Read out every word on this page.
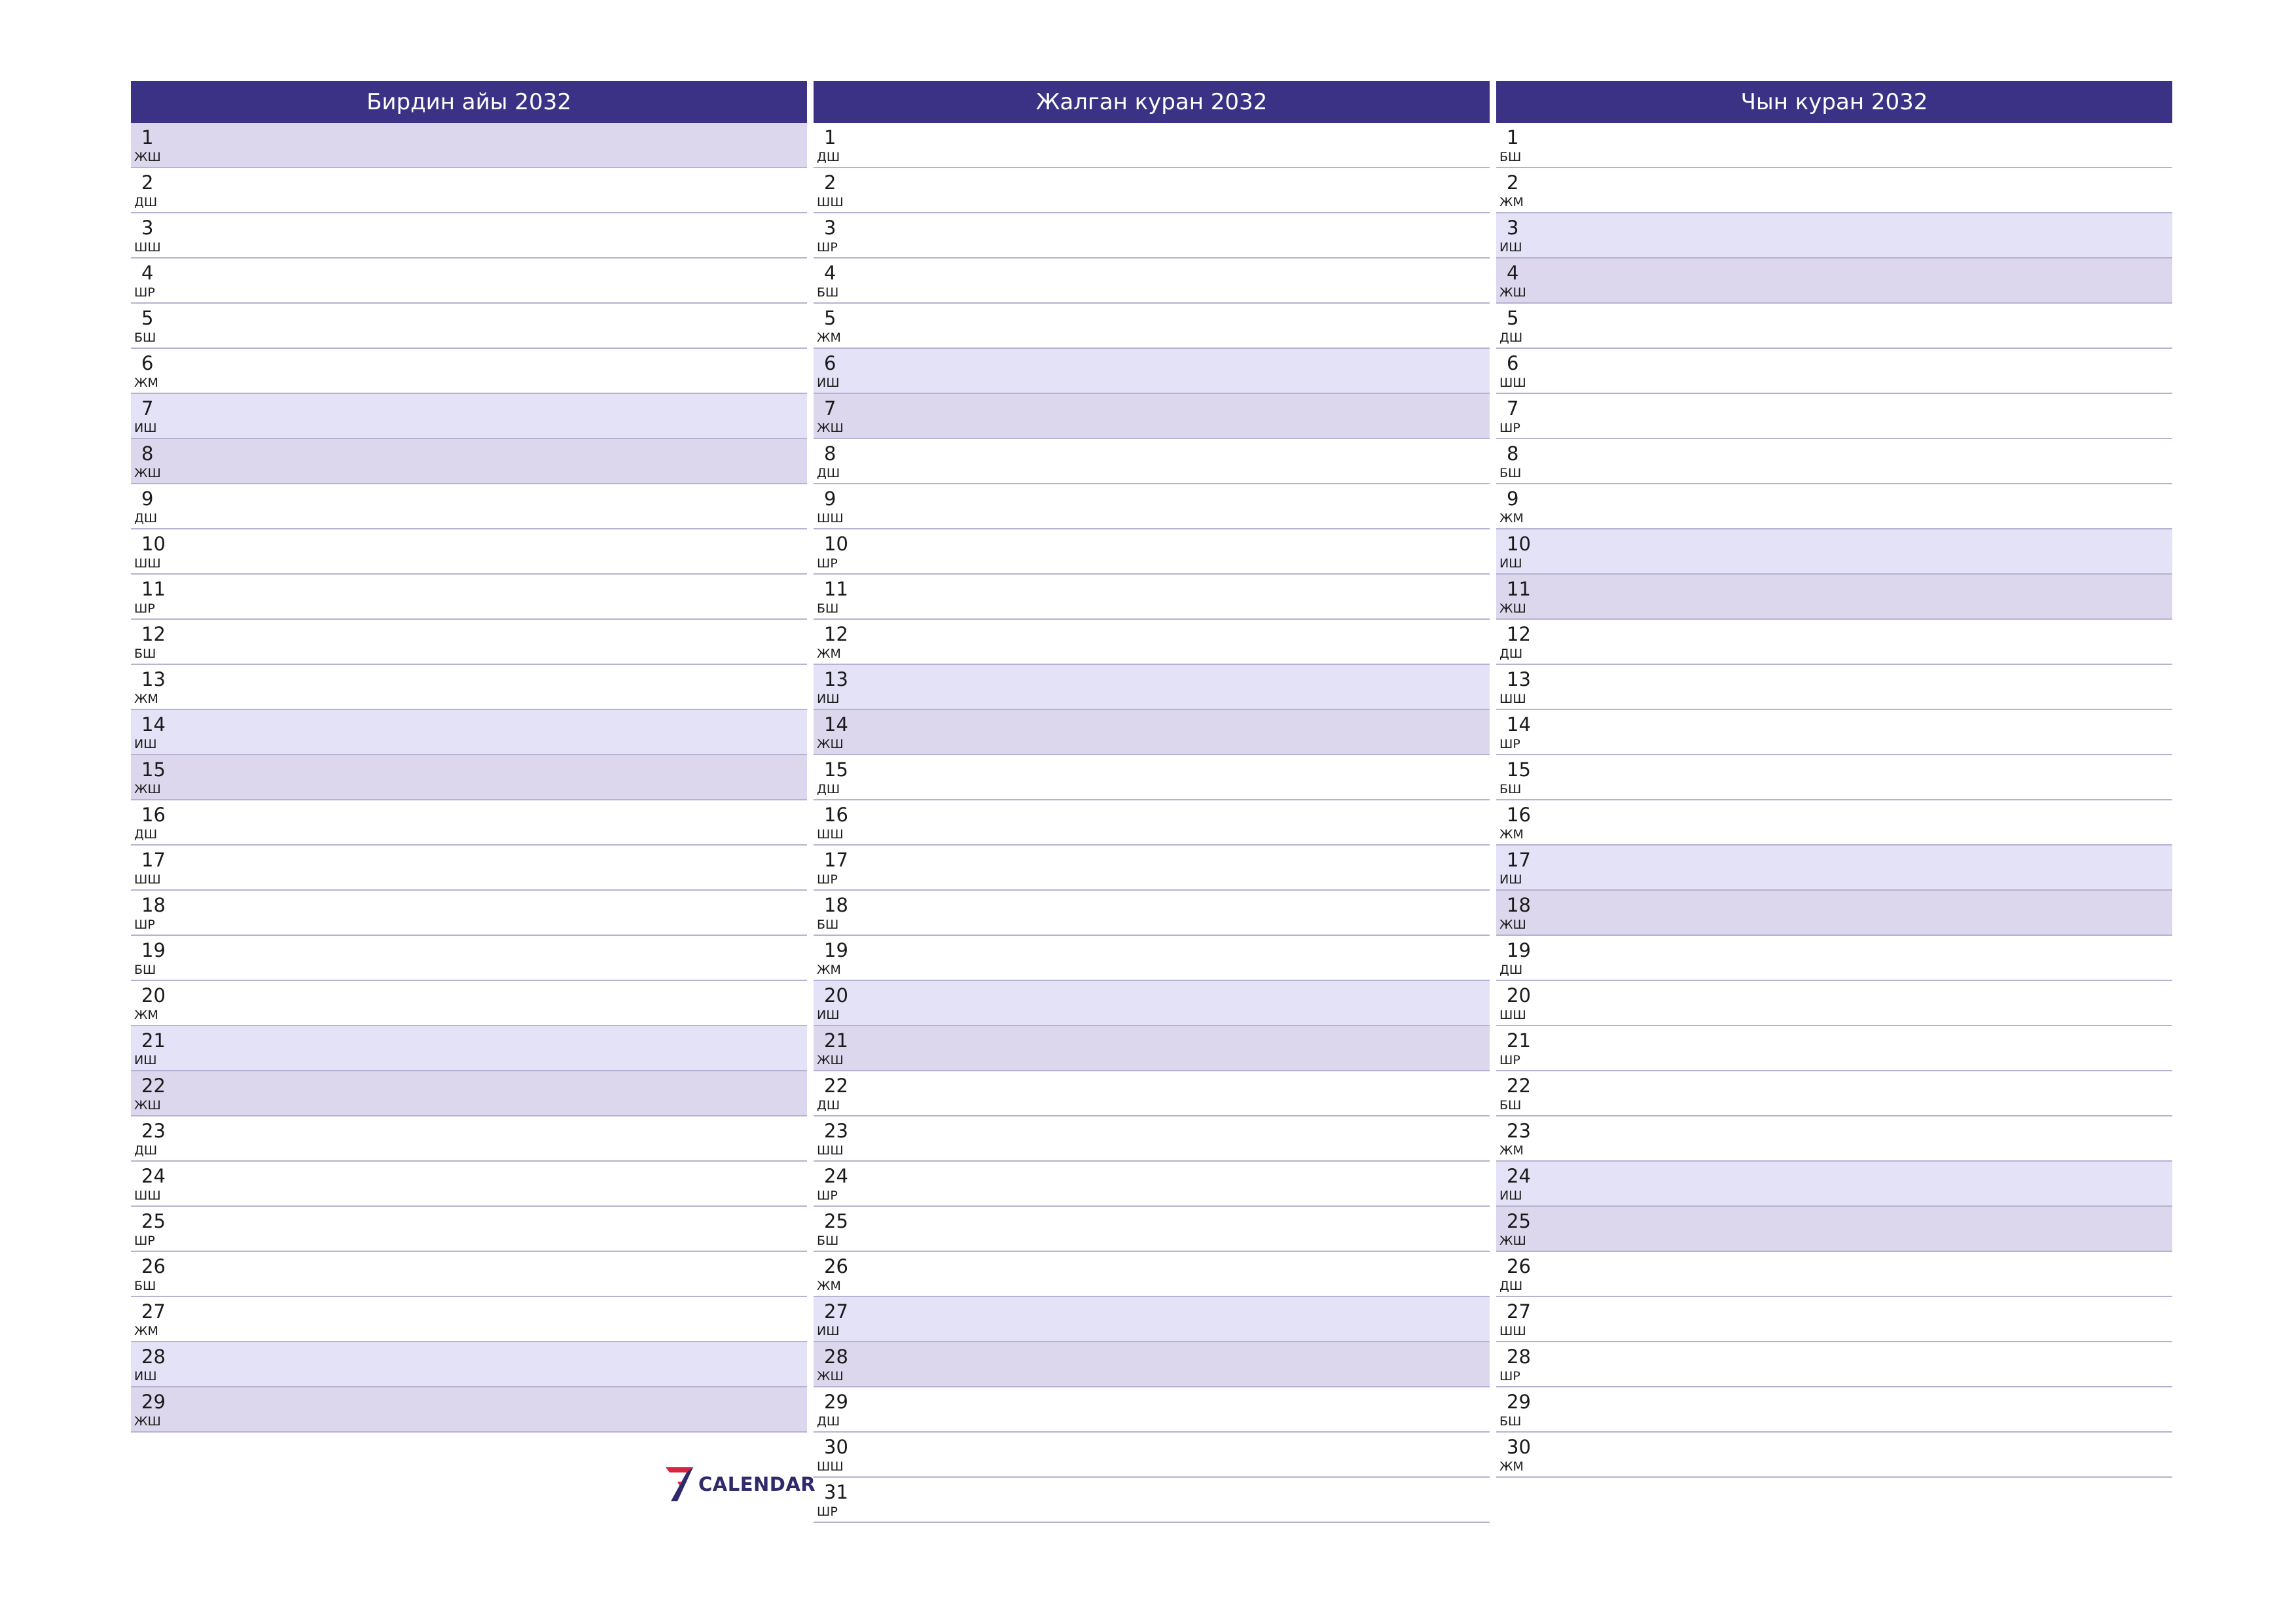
Бирдин айы 2032
1
ЖШ
2
ДШ
3
ШШ
4
ШР
5
БШ
6
ЖМ
7
ИШ
8
ЖШ
9
ДШ
10
ШШ
11
ШР
12
БШ
13
ЖМ
14
ИШ
15
ЖШ
16
ДШ
17
ШШ
18
ШР
19
БШ
20
ЖМ
21
ИШ
22
ЖШ
23
ДШ
24
ШШ
25
ШР
26
БШ
27
ЖМ
28
ИШ
29
ЖШ
Жалган куран 2032
1
ДШ
2
ШШ
3
ШР
4
БШ
5
ЖМ
6
ИШ
7
ЖШ
8
ДШ
9
ШШ
10
ШР
11
БШ
12
ЖМ
13
ИШ
14
ЖШ
15
ДШ
16
ШШ
17
ШР
18
БШ
19
ЖМ
20
ИШ
21
ЖШ
22
ДШ
23
ШШ
24
ШР
25
БШ
26
ЖМ
27
ИШ
28
ЖШ
29
ДШ
30
ШШ
31
ШР
Чын куран 2032
1
БШ
2
ЖМ
3
ИШ
4
ЖШ
5
ДШ
6
ШШ
7
ШР
8
БШ
9
ЖМ
10
ИШ
11
ЖШ
12
ДШ
13
ШШ
14
ШР
15
БШ
16
ЖМ
17
ИШ
18
ЖШ
19
ДШ
20
ШШ
21
ШР
22
БШ
23
ЖМ
24
ИШ
25
ЖШ
26
ДШ
27
ШШ
28
ШР
29
БШ
30
ЖМ
CALENDAR
